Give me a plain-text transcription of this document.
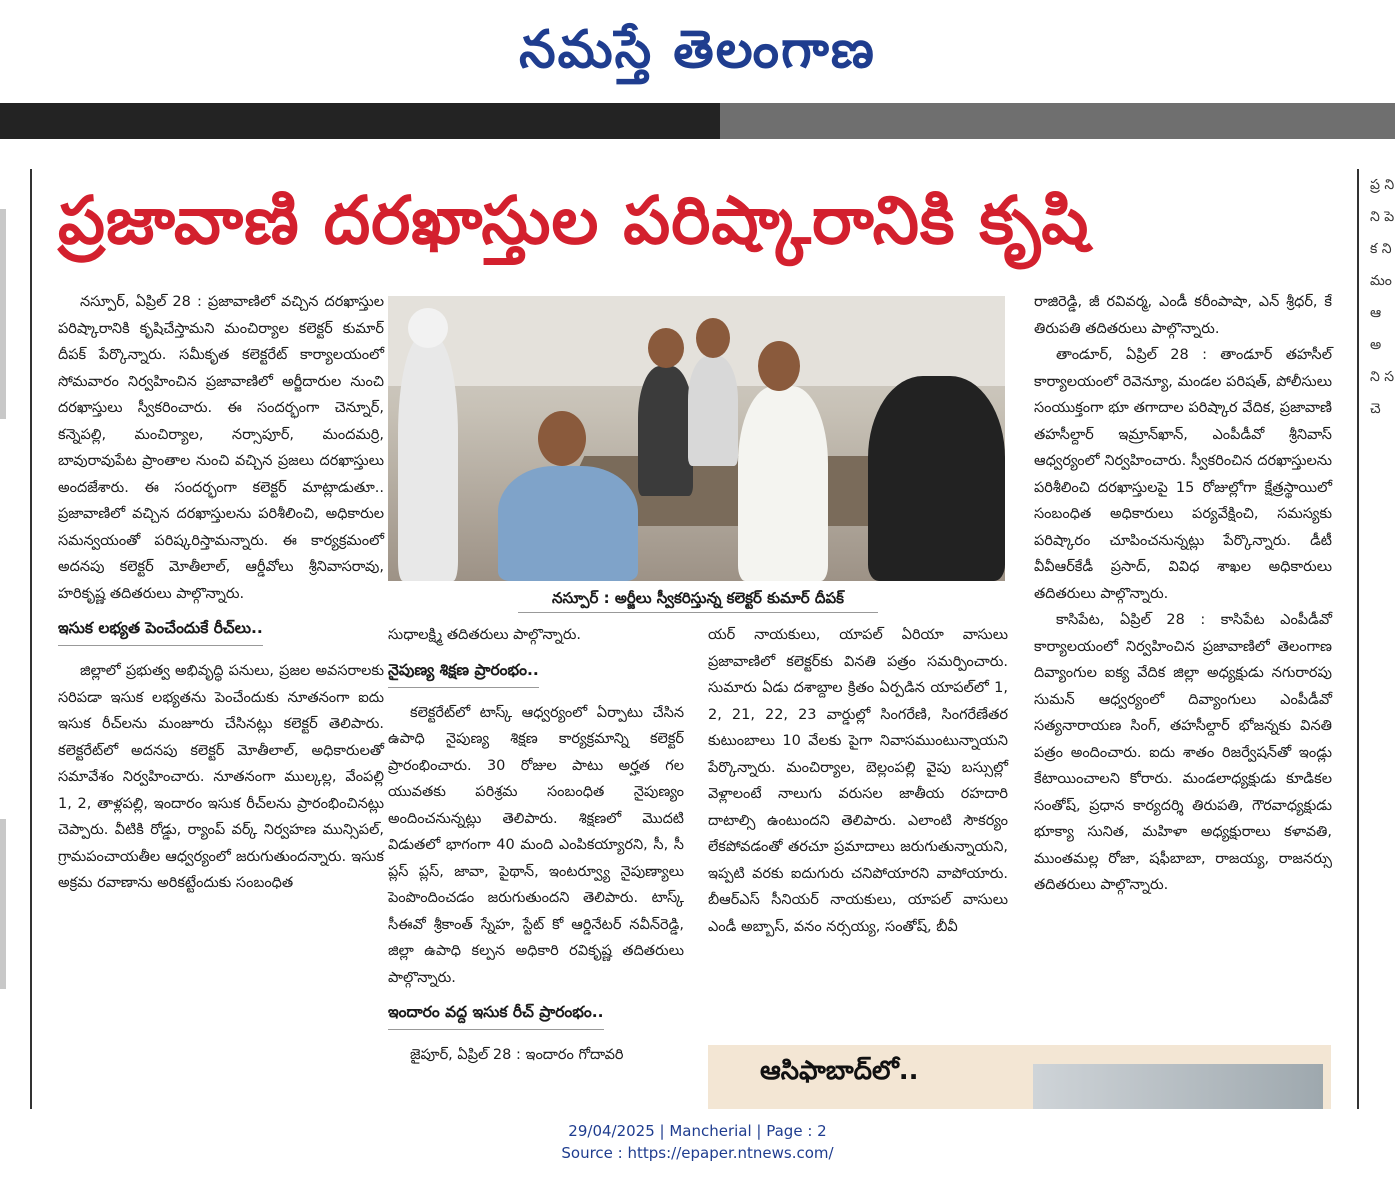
నమస్తే తెలంగాణ
ప్రజావాణి దరఖాస్తుల పరిష్కారానికి కృషి

నస్పూర్, ఏప్రిల్ 28 : ప్రజావాణిలో వచ్చిన దరఖాస్తుల పరిష్కారానికి కృషిచేస్తామని మంచిర్యాల కలెక్టర్ కుమార్ దీపక్ పేర్కొన్నారు. సమీకృత కలెక్టరేట్ కార్యాలయంలో సోమవారం నిర్వహించిన ప్రజావాణిలో అర్జీదారుల నుంచి దరఖాస్తులు స్వీకరించారు. ఈ సందర్భంగా చెన్నూర్, కన్నెపల్లి, మంచిర్యాల, నర్సాపూర్, మందమర్రి, బావురావుపేట ప్రాంతాల నుంచి వచ్చిన ప్రజలు దరఖాస్తులు అందజేశారు. ఈ సందర్భంగా కలెక్టర్ మాట్లాడుతూ.. ప్రజావాణిలో వచ్చిన దరఖాస్తులను పరిశీలించి, అధికారుల సమన్వయంతో పరిష్కరిస్తామన్నారు. ఈ కార్యక్రమంలో అదనపు కలెక్టర్ మోతీలాల్, ఆర్డీవోలు శ్రీనివాసరావు, హరికృష్ణ తదితరులు పాల్గొన్నారు.

ఇసుక లభ్యత పెంచేందుకే రీచ్‌లు..

జిల్లాలో ప్రభుత్వ అభివృద్ధి పనులు, ప్రజల అవసరాలకు సరిపడా ఇసుక లభ్యతను పెంచేందుకు నూతనంగా ఐదు ఇసుక రీచ్‌లను మంజూరు చేసినట్లు కలెక్టర్ తెలిపారు. కలెక్టరేట్‌లో అదనపు కలెక్టర్ మోతీలాల్, అధికారులతో సమావేశం నిర్వహించారు. నూతనంగా ముల్కల్ల, వేంపల్లి 1, 2, తాళ్లపల్లి, ఇందారం ఇసుక రీచ్‌లను ప్రారంభించినట్లు చెప్పారు. వీటికి రోడ్డు, ర్యాంప్ వర్క్ నిర్వహణ మున్సిపల్, గ్రామపంచాయతీల ఆధ్వర్యంలో జరుగుతుందన్నారు. ఇసుక అక్రమ రవాణాను అరికట్టేందుకు సంబంధిత

నస్పూర్ : అర్జీలు స్వీకరిస్తున్న కలెక్టర్ కుమార్ దీపక్

సుధాలక్ష్మి తదితరులు పాల్గొన్నారు.

నైపుణ్య శిక్షణ ప్రారంభం..

కలెక్టరేట్‌లో టాస్క్ ఆధ్వర్యంలో ఏర్పాటు చేసిన ఉపాధి నైపుణ్య శిక్షణ కార్యక్రమాన్ని కలెక్టర్ ప్రారంభించారు. 30 రోజుల పాటు అర్హత గల యువతకు పరిశ్రమ సంబంధిత నైపుణ్యం అందించనున్నట్లు తెలిపారు. శిక్షణలో మొదటి విడుతలో భాగంగా 40 మంది ఎంపికయ్యారని, సీ, సీ ప్లస్ ప్లస్, జావా, పైథాన్, ఇంటర్వ్యూ నైపుణ్యాలు పెంపొందించడం జరుగుతుందని తెలిపారు. టాస్క్ సీఈవో శ్రీకాంత్ స్నేహ, స్టేట్ కో ఆర్డినేటర్ నవీన్‌రెడ్డి, జిల్లా ఉపాధి కల్పన అధికారి రవికృష్ణ తదితరులు పాల్గొన్నారు.

ఇందారం వద్ద ఇసుక రీచ్ ప్రారంభం..

జైపూర్, ఏప్రిల్ 28 : ఇందారం గోదావరి

యర్ నాయకులు, యాపల్ ఏరియా వాసులు ప్రజావాణిలో కలెక్టర్‌కు వినతి పత్రం సమర్పించారు. సుమారు ఏడు దశాబ్దాల క్రితం ఏర్పడిన యాపల్‌లో 1, 2, 21, 22, 23 వార్డుల్లో సింగరేణి, సింగరేణేతర కుటుంబాలు 10 వేలకు పైగా నివాసముంటున్నాయని పేర్కొన్నారు. మంచిర్యాల, బెల్లంపల్లి వైపు బస్సుల్లో వెళ్లాలంటే నాలుగు వరుసల జాతీయ రహదారి దాటాల్సి ఉంటుందని తెలిపారు. ఎలాంటి సౌకర్యం లేకపోవడంతో తరచూ ప్రమాదాలు జరుగుతున్నాయని, ఇప్పటి వరకు ఐదుగురు చనిపోయారని వాపోయారు. బీఆర్‌ఎస్ సీనియర్ నాయకులు, యాపల్ వాసులు ఎండీ అబ్బాస్, వనం నర్సయ్య, సంతోష్, బీవీ

రాజిరెడ్డి, జీ రవివర్మ, ఎండీ కరీంపాషా, ఎన్ శ్రీధర్, కే తిరుపతి తదితరులు పాల్గొన్నారు.

తాండూర్, ఏప్రిల్ 28 : తాండూర్ తహసీల్ కార్యాలయంలో రెవెన్యూ, మండల పరిషత్, పోలీసులు సంయుక్తంగా భూ తగాదాల పరిష్కార వేదిక, ప్రజావాణి తహసీల్దార్ ఇమ్రాన్‌ఖాన్, ఎంపీడీవో శ్రీనివాస్ ఆధ్వర్యంలో నిర్వహించారు. స్వీకరించిన దరఖాస్తులను పరిశీలించి దరఖాస్తులపై 15 రోజుల్లోగా క్షేత్రస్థాయిలో సంబంధిత అధికారులు పర్యవేక్షించి, సమస్యకు పరిష్కారం చూపించనున్నట్లు పేర్కొన్నారు. డీటీ వీవీఆర్‌కేడీ ప్రసాద్, వివిధ శాఖల అధికారులు తదితరులు పాల్గొన్నారు.

కాసిపేట, ఏప్రిల్ 28 : కాసిపేట ఎంపీడీవో కార్యాలయంలో నిర్వహించిన ప్రజావాణిలో తెలంగాణ దివ్యాంగుల ఐక్య వేదిక జిల్లా అధ్యక్షుడు నగురారపు సుమన్ ఆధ్వర్యంలో దివ్యాంగులు ఎంపీడీవో సత్యనారాయణ సింగ్, తహసీల్దార్ భోజన్నకు వినతి పత్రం అందించారు. ఐదు శాతం రిజర్వేషన్‌తో ఇండ్లు కేటాయించాలని కోరారు. మండలాధ్యక్షుడు కూడికల సంతోష్, ప్రధాన కార్యదర్శి తిరుపతి, గౌరవాధ్యక్షుడు భూక్యా సునిత, మహిళా అధ్యక్షురాలు కళావతి, ముంతమల్ల రోజా, షఫీబాబా, రాజయ్య, రాజనర్సు తదితరులు పాల్గొన్నారు.

ఆసిఫాబాద్‌లో..
ప్ర ని ని పె క ని మం ఆ అ ని స చె
29/04/2025 | Mancherial | Page : 2
Source : https://epaper.ntnews.com/
